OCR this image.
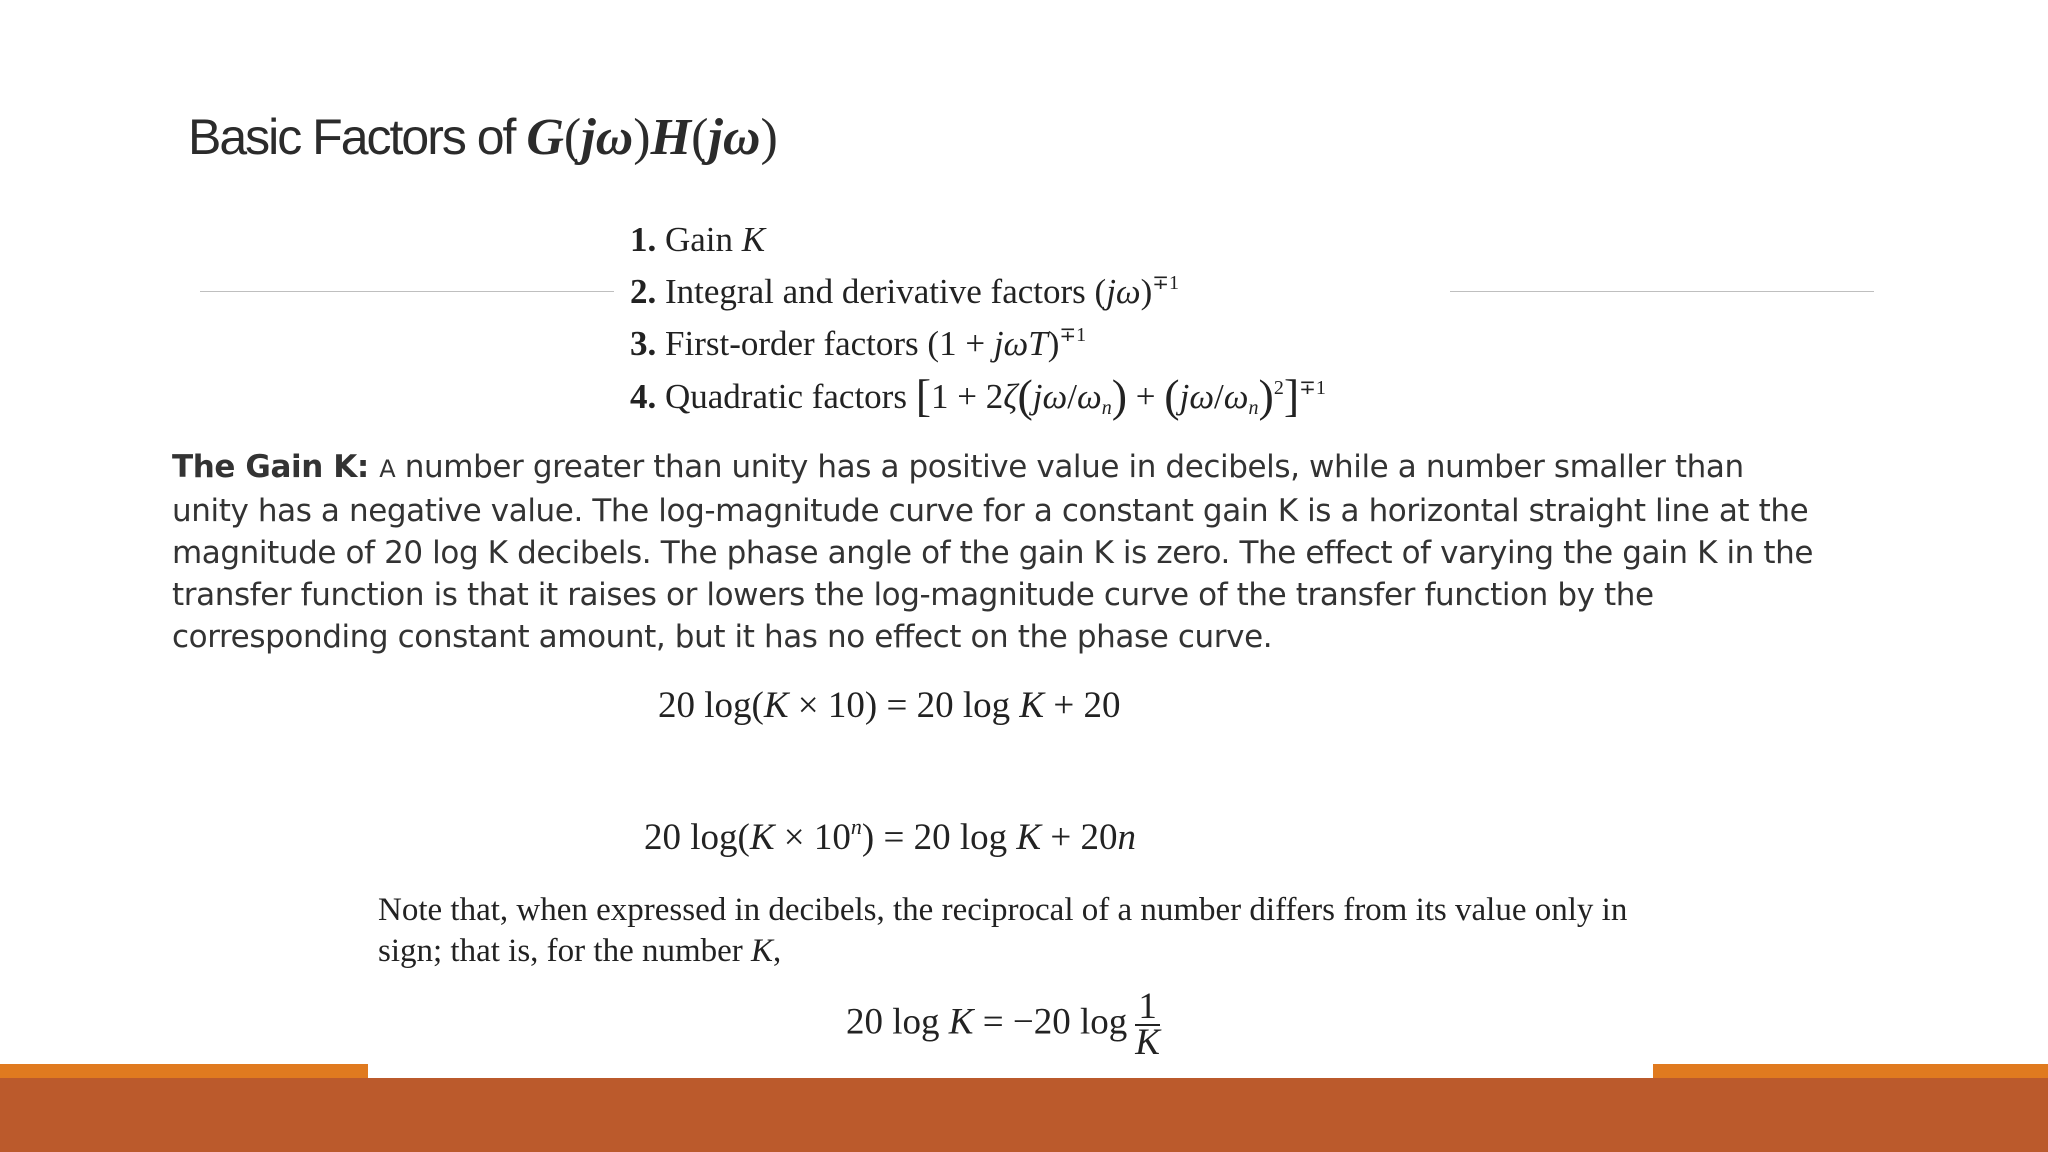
Basic Factors of G(jω)H(jω)
1. Gain K
2. Integral and derivative factors $(j\omega)^{\mp 1}$
3. First-order factors $(1 + j\omega T)^{\mp 1}$
4. Quadratic factors $[1 + 2\zeta(j\omega/\omega_n) + (j\omega/\omega_n)^2]^{\mp 1}$

The Gain K: A number greater than unity has a positive value in decibels, while a number smaller than unity has a negative value. The log-magnitude curve for a constant gain K is a horizontal straight line at the magnitude of 20 log K decibels. The phase angle of the gain K is zero. The effect of varying the gain K in the transfer function is that it raises or lowers the log-magnitude curve of the transfer function by the corresponding constant amount, but it has no effect on the phase curve.

20 log(K × 10) = 20 log K + 20
20 $\log(K \times 10^n) = 20$ log K + 20n

Note that, when expressed in decibels, the reciprocal of a number differs from its value only in sign; that is, for the number K,

20 log K = −20 $\log \frac{1}{K}$
